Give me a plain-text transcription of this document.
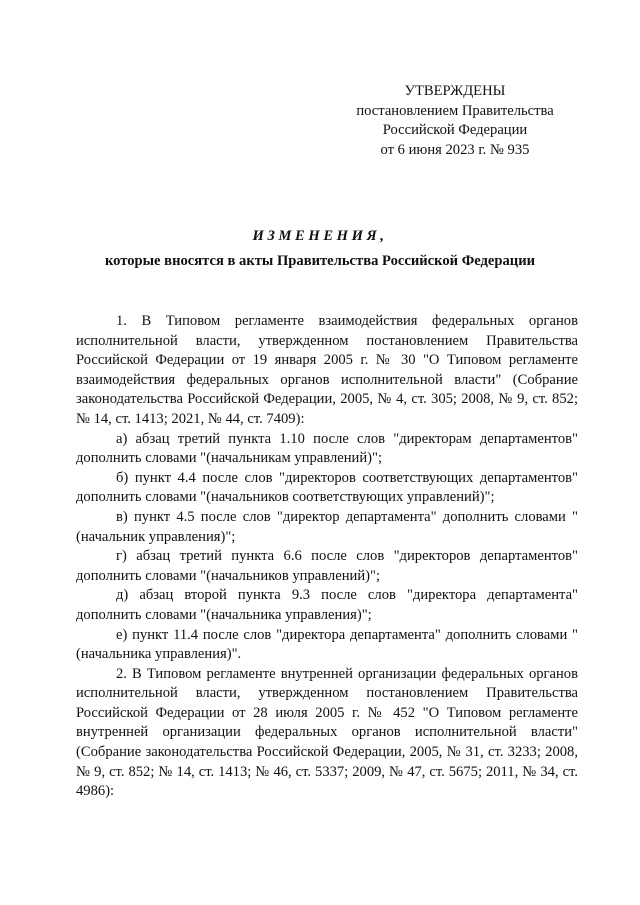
УТВЕРЖДЕНЫ
постановлением Правительства
Российской Федерации
от 6 июня 2023 г. № 935
ИЗМЕНЕНИЯ,
которые вносятся в акты Правительства Российской Федерации

1. В Типовом регламенте взаимодействия федеральных органов исполнительной власти, утвержденном постановлением Правительства Российской Федерации от 19 января 2005 г. № 30 "О Типовом регламенте взаимодействия федеральных органов исполнительной власти" (Собрание законодательства Российской Федерации, 2005, № 4, ст. 305; 2008, № 9, ст. 852; № 14, ст. 1413; 2021, № 44, ст. 7409):

а) абзац третий пункта 1.10 после слов "директорам департаментов" дополнить словами "(начальникам управлений)";

б) пункт 4.4 после слов "директоров соответствующих департаментов" дополнить словами "(начальников соответствующих управлений)";

в) пункт 4.5 после слов "директор департамента" дополнить словами "(начальник управления)";

г) абзац третий пункта 6.6 после слов "директоров департаментов" дополнить словами "(начальников управлений)";

д) абзац второй пункта 9.3 после слов "директора департамента" дополнить словами "(начальника управления)";

е) пункт 11.4 после слов "директора департамента" дополнить словами "(начальника управления)".

2. В Типовом регламенте внутренней организации федеральных органов исполнительной власти, утвержденном постановлением Правительства Российской Федерации от 28 июля 2005 г. № 452 "О Типовом регламенте внутренней организации федеральных органов исполнительной власти" (Собрание законодательства Российской Федерации, 2005, № 31, ст. 3233; 2008, № 9, ст. 852; № 14, ст. 1413; № 46, ст. 5337; 2009, № 47, ст. 5675; 2011, № 34, ст. 4986):
